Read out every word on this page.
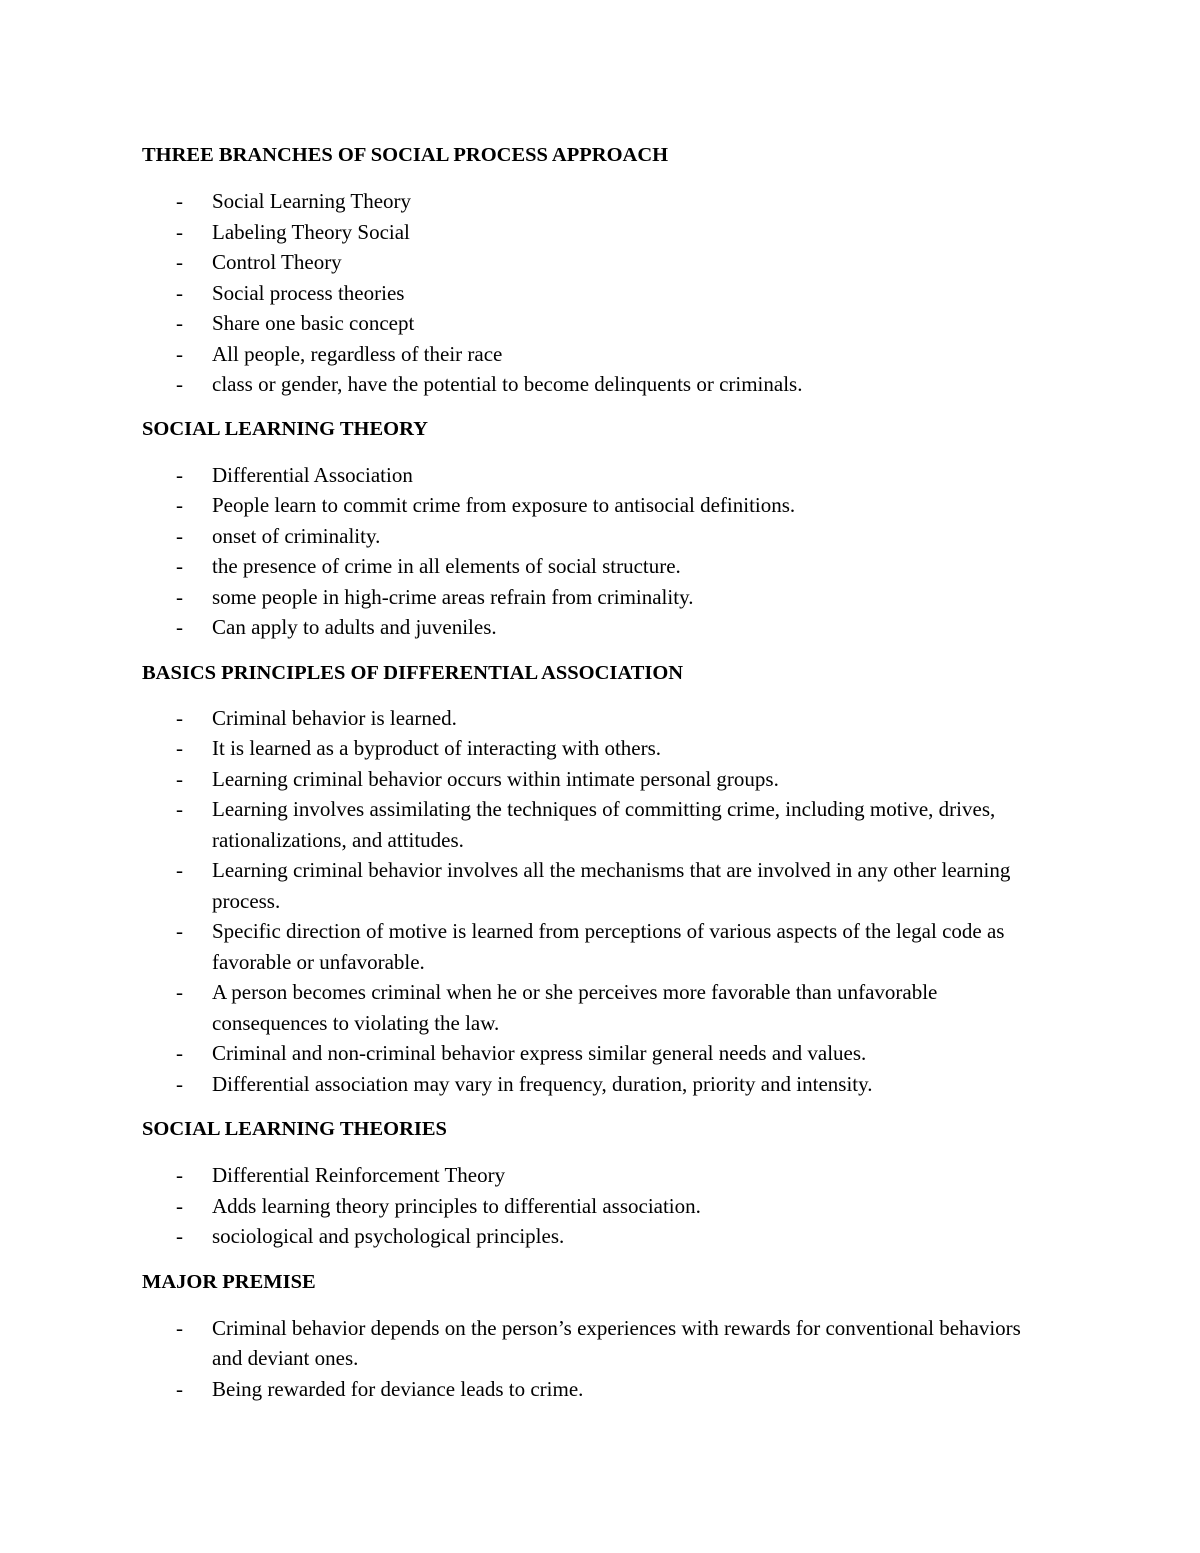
THREE BRANCHES OF SOCIAL PROCESS APPROACH
-	Social Learning Theory
-	Labeling Theory Social
-	Control Theory
-	Social process theories
-	Share one basic concept
-	All people, regardless of their race
-	class or gender, have the potential to become delinquents or criminals.
SOCIAL LEARNING THEORY
-	Differential Association
-	People learn to commit crime from exposure to antisocial definitions.
-	onset of criminality.
-	the presence of crime in all elements of social structure.
-	some people in high-crime areas refrain from criminality.
-	Can apply to adults and juveniles.
BASICS PRINCIPLES OF DIFFERENTIAL ASSOCIATION
-	Criminal behavior is learned.
-	It is learned as a byproduct of interacting with others.
-	Learning criminal behavior occurs within intimate personal groups.
-	Learning involves assimilating the techniques of committing crime, including motive, drives, rationalizations, and attitudes.
-	Learning criminal behavior involves all the mechanisms that are involved in any other learning process.
-	Specific direction of motive is learned from perceptions of various aspects of the legal code as favorable or unfavorable.
-	A person becomes criminal when he or she perceives more favorable than unfavorable consequences to violating the law.
-	Criminal and non-criminal behavior express similar general needs and values.
-	Differential association may vary in frequency, duration, priority and intensity.
SOCIAL LEARNING THEORIES
-	Differential Reinforcement Theory
-	Adds learning theory principles to differential association.
-	sociological and psychological principles.
MAJOR PREMISE
-	Criminal behavior depends on the person’s experiences with rewards for conventional behaviors and deviant ones.
-	Being rewarded for deviance leads to crime.
